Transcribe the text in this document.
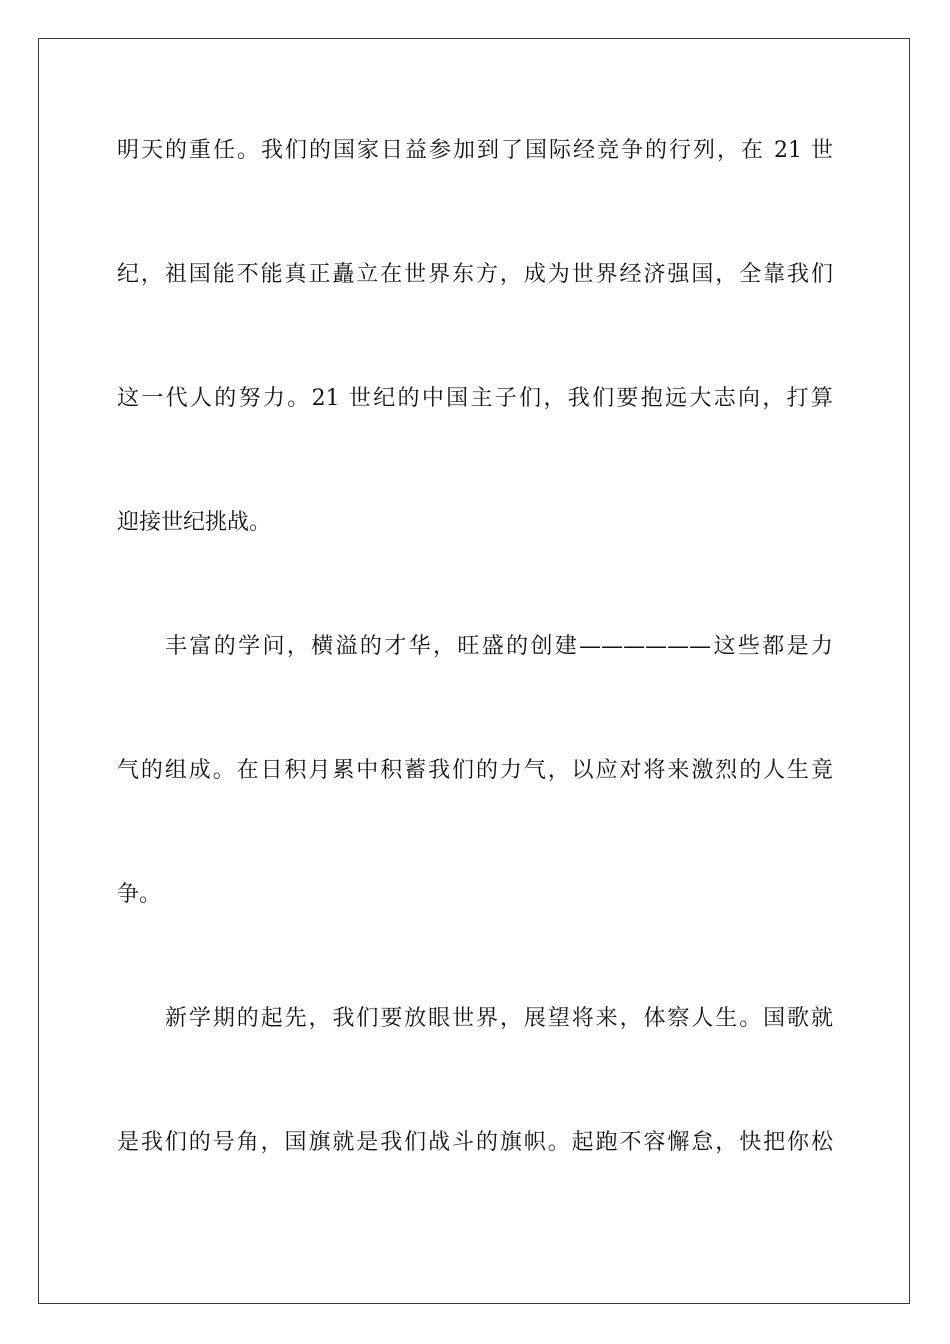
明天的重任。我们的国家日益参加到了国际经竞争的行列，在 21 世
纪，祖国能不能真正矗立在世界东方，成为世界经济强国，全靠我们
这一代人的努力。21 世纪的中国主子们，我们要抱远大志向，打算
迎接世纪挑战。
丰富的学问，横溢的才华，旺盛的创建——————这些都是力
气的组成。在日积月累中积蓄我们的力气，以应对将来激烈的人生竟
争。
新学期的起先，我们要放眼世界，展望将来，体察人生。国歌就
是我们的号角，国旗就是我们战斗的旗帜。起跑不容懈怠，快把你松
